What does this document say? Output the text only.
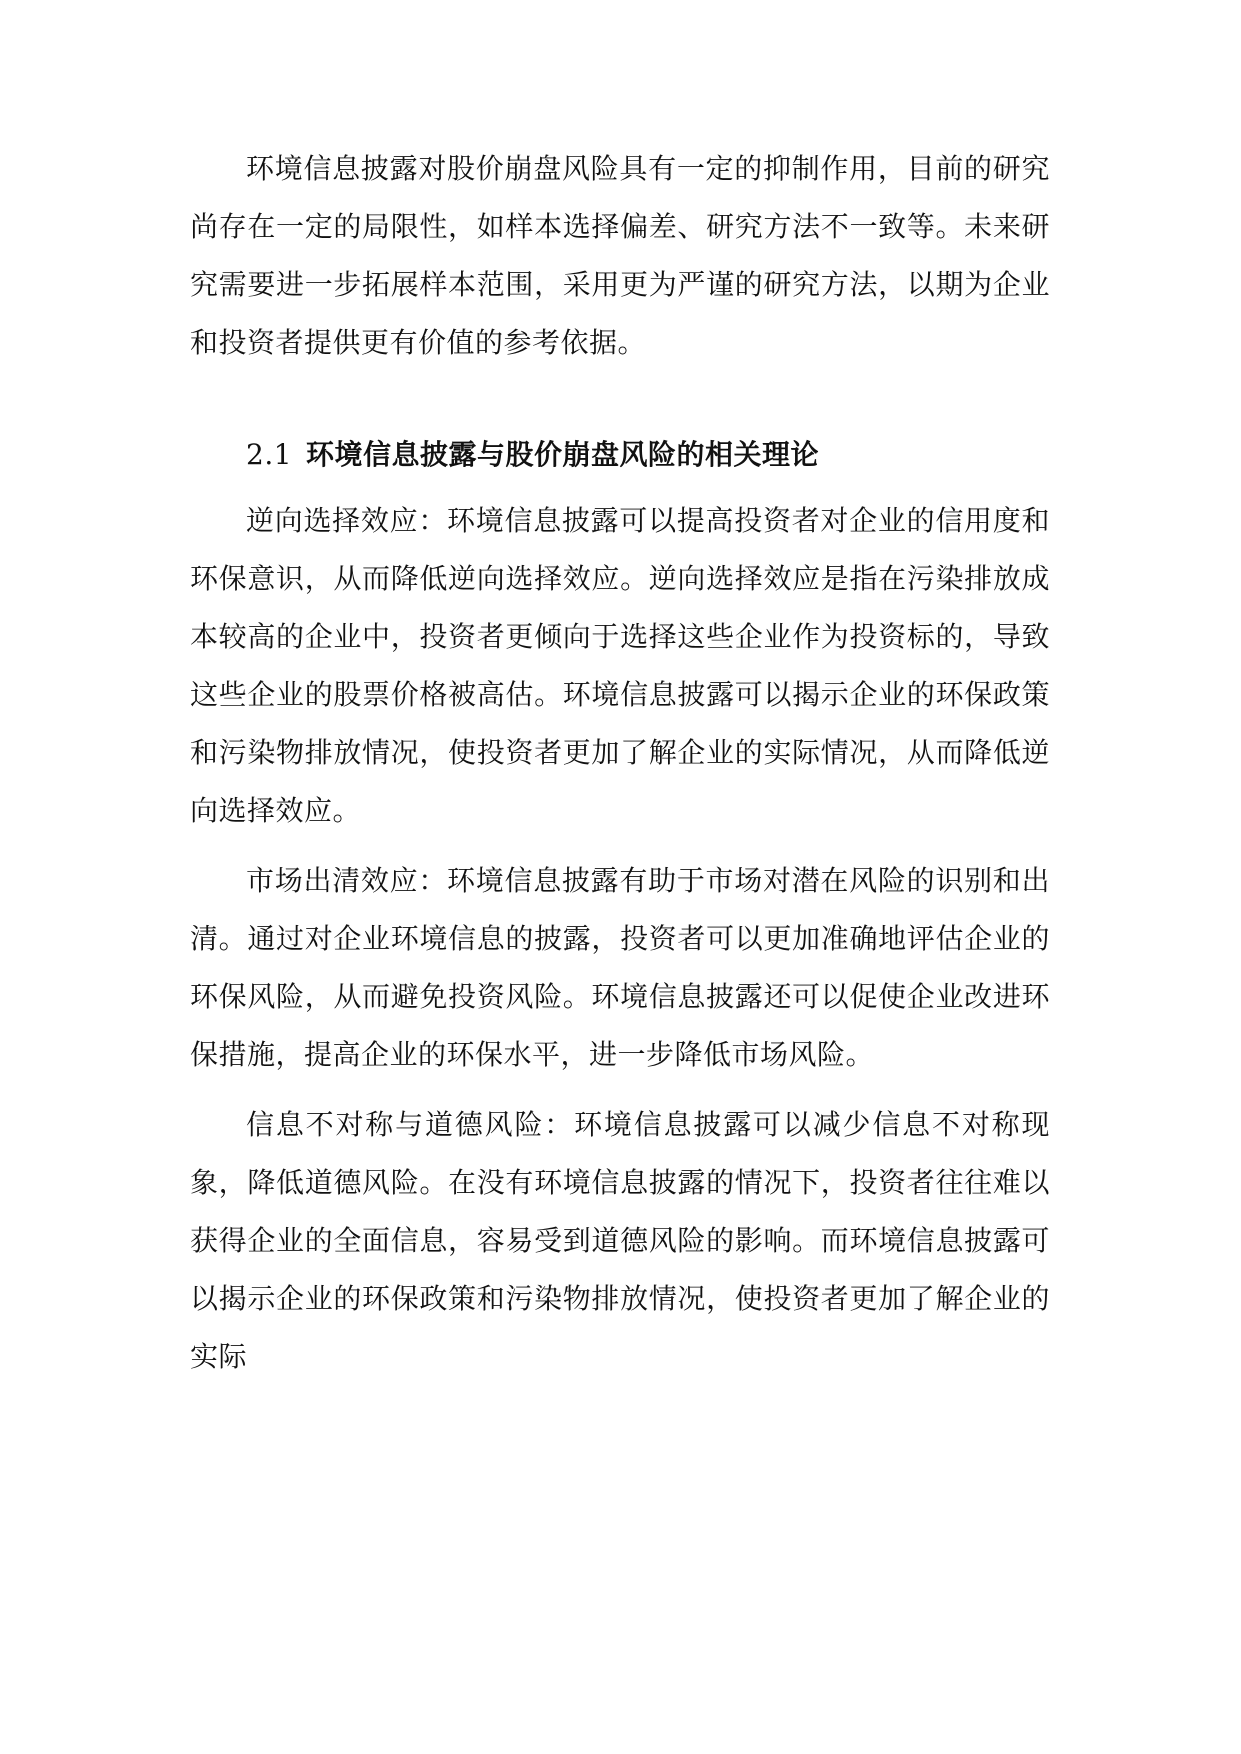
环境信息披露对股价崩盘风险具有一定的抑制作用，目前的研究尚存在一定的局限性，如样本选择偏差、研究方法不一致等。未来研究需要进一步拓展样本范围，采用更为严谨的研究方法，以期为企业和投资者提供更有价值的参考依据。

2.1 环境信息披露与股价崩盘风险的相关理论

逆向选择效应：环境信息披露可以提高投资者对企业的信用度和环保意识，从而降低逆向选择效应。逆向选择效应是指在污染排放成本较高的企业中，投资者更倾向于选择这些企业作为投资标的，导致这些企业的股票价格被高估。环境信息披露可以揭示企业的环保政策和污染物排放情况，使投资者更加了解企业的实际情况，从而降低逆向选择效应。

市场出清效应：环境信息披露有助于市场对潜在风险的识别和出清。通过对企业环境信息的披露，投资者可以更加准确地评估企业的环保风险，从而避免投资风险。环境信息披露还可以促使企业改进环保措施，提高企业的环保水平，进一步降低市场风险。

信息不对称与道德风险：环境信息披露可以减少信息不对称现象，降低道德风险。在没有环境信息披露的情况下，投资者往往难以获得企业的全面信息，容易受到道德风险的影响。而环境信息披露可以揭示企业的环保政策和污染物排放情况，使投资者更加了解企业的实际
